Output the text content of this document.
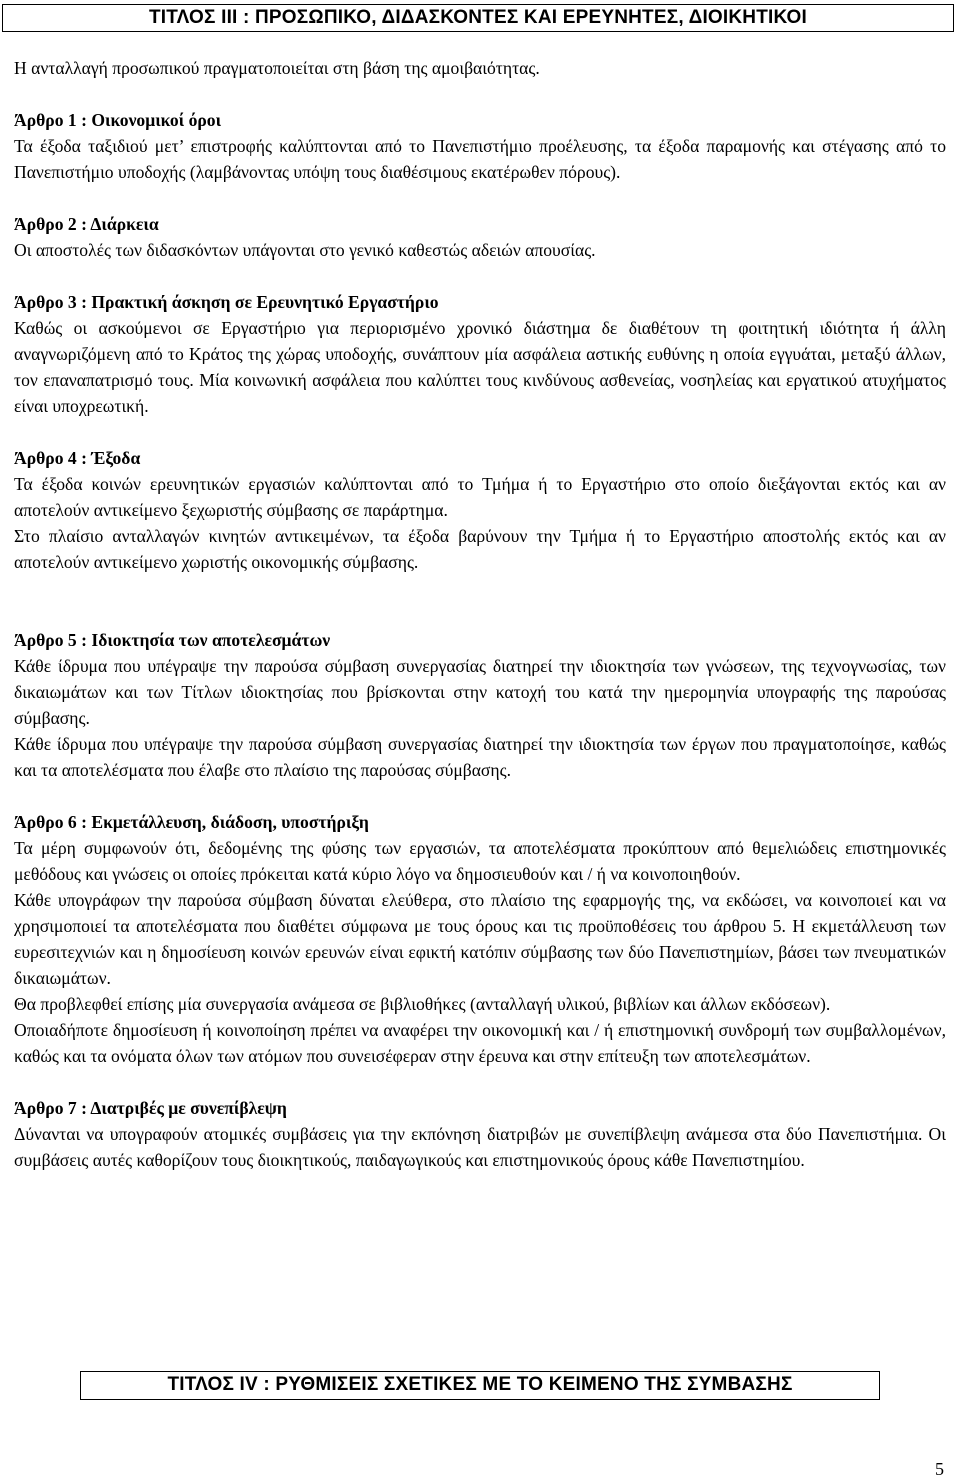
ΤΙΤΛΟΣ ΙΙΙ : ΠΡΟΣΩΠΙΚΟ, ΔΙΔΑΣΚΟΝΤΕΣ ΚΑΙ ΕΡΕΥΝΗΤΕΣ, ΔΙΟΙΚΗΤΙΚΟΙ

Η ανταλλαγή προσωπικού πραγματοποιείται στη βάση της αμοιβαιότητας.

Άρθρο 1 : Οικονομικοί όροι

Τα έξοδα ταξιδιού μετ’ επιστροφής καλύπτονται από το Πανεπιστήμιο προέλευσης, τα έξοδα παραμονής και στέγασης από το Πανεπιστήμιο υποδοχής (λαμβάνοντας υπόψη τους διαθέσιμους εκατέρωθεν πόρους).

Άρθρο 2 : Διάρκεια

Οι αποστολές των διδασκόντων υπάγονται στο γενικό καθεστώς αδειών απουσίας.

Άρθρο 3 : Πρακτική άσκηση σε Ερευνητικό Εργαστήριο

Καθώς οι ασκούμενοι σε Εργαστήριο για περιορισμένο χρονικό διάστημα δε διαθέτουν τη φοιτητική ιδιότητα ή άλλη αναγνωριζόμενη από το Κράτος της χώρας υποδοχής, συνάπτουν μία ασφάλεια αστικής ευθύνης η οποία εγγυάται, μεταξύ άλλων, τον επαναπατρισμό τους. Μία κοινωνική ασφάλεια που καλύπτει τους κινδύνους ασθενείας, νοσηλείας και εργατικού ατυχήματος είναι υποχρεωτική.

Άρθρο 4 : Έξοδα

Τα έξοδα κοινών ερευνητικών εργασιών καλύπτονται από το Τμήμα ή το Εργαστήριο στο οποίο διεξάγονται εκτός και αν αποτελούν αντικείμενο ξεχωριστής σύμβασης σε παράρτημα.

Στο πλαίσιο ανταλλαγών κινητών αντικειμένων, τα έξοδα βαρύνουν την Τμήμα ή το Εργαστήριο αποστολής εκτός και αν αποτελούν αντικείμενο χωριστής οικονομικής σύμβασης.

Άρθρο 5 : Ιδιοκτησία των αποτελεσμάτων

Κάθε ίδρυμα που υπέγραψε την παρούσα σύμβαση συνεργασίας διατηρεί την ιδιοκτησία των γνώσεων, της τεχνογνωσίας, των δικαιωμάτων και των Τίτλων ιδιοκτησίας που βρίσκονται στην κατοχή του κατά την ημερομηνία υπογραφής της παρούσας σύμβασης.

Κάθε ίδρυμα που υπέγραψε την παρούσα σύμβαση συνεργασίας διατηρεί την ιδιοκτησία των έργων που πραγματοποίησε, καθώς και τα αποτελέσματα που έλαβε στο πλαίσιο της παρούσας σύμβασης.

Άρθρο 6 : Εκμετάλλευση, διάδοση, υποστήριξη

Τα μέρη συμφωνούν ότι, δεδομένης της φύσης των εργασιών, τα αποτελέσματα προκύπτουν από θεμελιώδεις επιστημονικές μεθόδους και γνώσεις οι οποίες πρόκειται κατά κύριο λόγο να δημοσιευθούν και / ή να κοινοποιηθούν.

Κάθε υπογράφων την παρούσα σύμβαση δύναται ελεύθερα, στο πλαίσιο της εφαρμογής της, να εκδώσει, να κοινοποιεί και να χρησιμοποιεί τα αποτελέσματα που διαθέτει σύμφωνα με τους όρους και τις προϋποθέσεις του άρθρου 5. Η εκμετάλλευση των ευρεσιτεχνιών και η δημοσίευση κοινών ερευνών είναι εφικτή κατόπιν σύμβασης των δύο Πανεπιστημίων, βάσει των πνευματικών δικαιωμάτων.

Θα προβλεφθεί επίσης μία συνεργασία ανάμεσα σε βιβλιοθήκες (ανταλλαγή υλικού, βιβλίων και άλλων εκδόσεων).

Οποιαδήποτε δημοσίευση ή κοινοποίηση πρέπει να αναφέρει την οικονομική και / ή επιστημονική συνδρομή των συμβαλλομένων, καθώς και τα ονόματα όλων των ατόμων που συνεισέφεραν στην έρευνα και στην επίτευξη των αποτελεσμάτων.

Άρθρο 7 : Διατριβές με συνεπίβλεψη

Δύνανται να υπογραφούν ατομικές συμβάσεις για την εκπόνηση διατριβών με συνεπίβλεψη ανάμεσα στα δύο Πανεπιστήμια. Οι συμβάσεις αυτές καθορίζουν τους διοικητικούς, παιδαγωγικούς και επιστημονικούς όρους κάθε Πανεπιστημίου.

ΤΙΤΛΟΣ IV : ΡΥΘΜΙΣΕΙΣ ΣΧΕΤΙΚΕΣ ΜΕ ΤΟ ΚΕΙΜΕΝΟ ΤΗΣ ΣΥΜΒΑΣΗΣ
5
